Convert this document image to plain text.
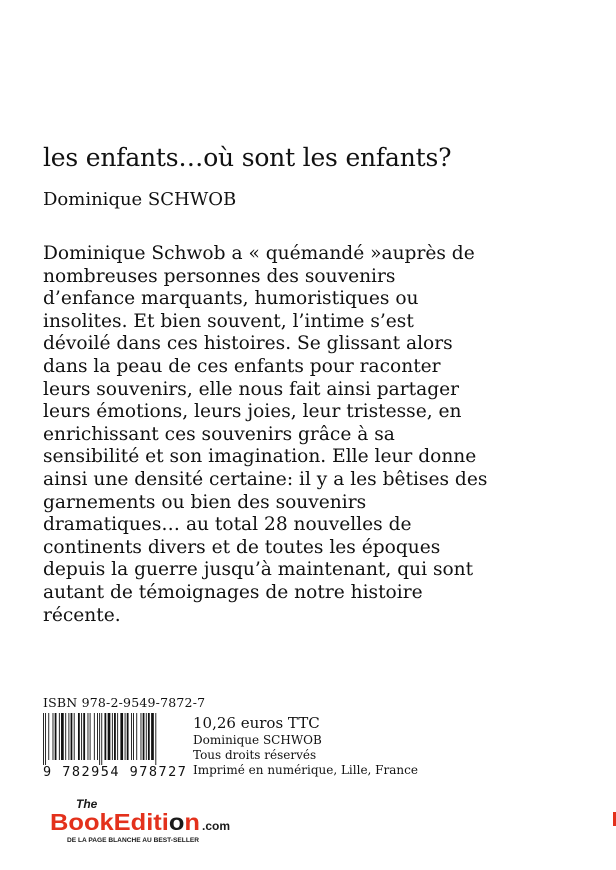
les enfants…où sont les enfants?
Dominique SCHWOB

Dominique Schwob a « quémandé »auprès de
nombreuses personnes des souvenirs
d’enfance marquants, humoristiques ou
insolites. Et bien souvent, l’intime s’est
dévoilé dans ces histoires. Se glissant alors
dans la peau de ces enfants pour raconter
leurs souvenirs, elle nous fait ainsi partager
leurs émotions, leurs joies, leur tristesse, en
enrichissant ces souvenirs grâce à sa
sensibilité et son imagination. Elle leur donne
ainsi une densité certaine: il y a les bêtises des
garnements ou bien des souvenirs
dramatiques… au total 28 nouvelles de
continents divers et de toutes les époques
depuis la guerre jusqu’à maintenant, qui sont
autant de témoignages de notre histoire
récente.

ISBN 978-2-9549-7872-7
9 782954 978727
10,26 euros TTC
Dominique SCHWOB
Tous droits réservés
Imprimé en numérique, Lille, France
The
BookEditi on .com
DE LA PAGE BLANCHE AU BEST-SELLER
